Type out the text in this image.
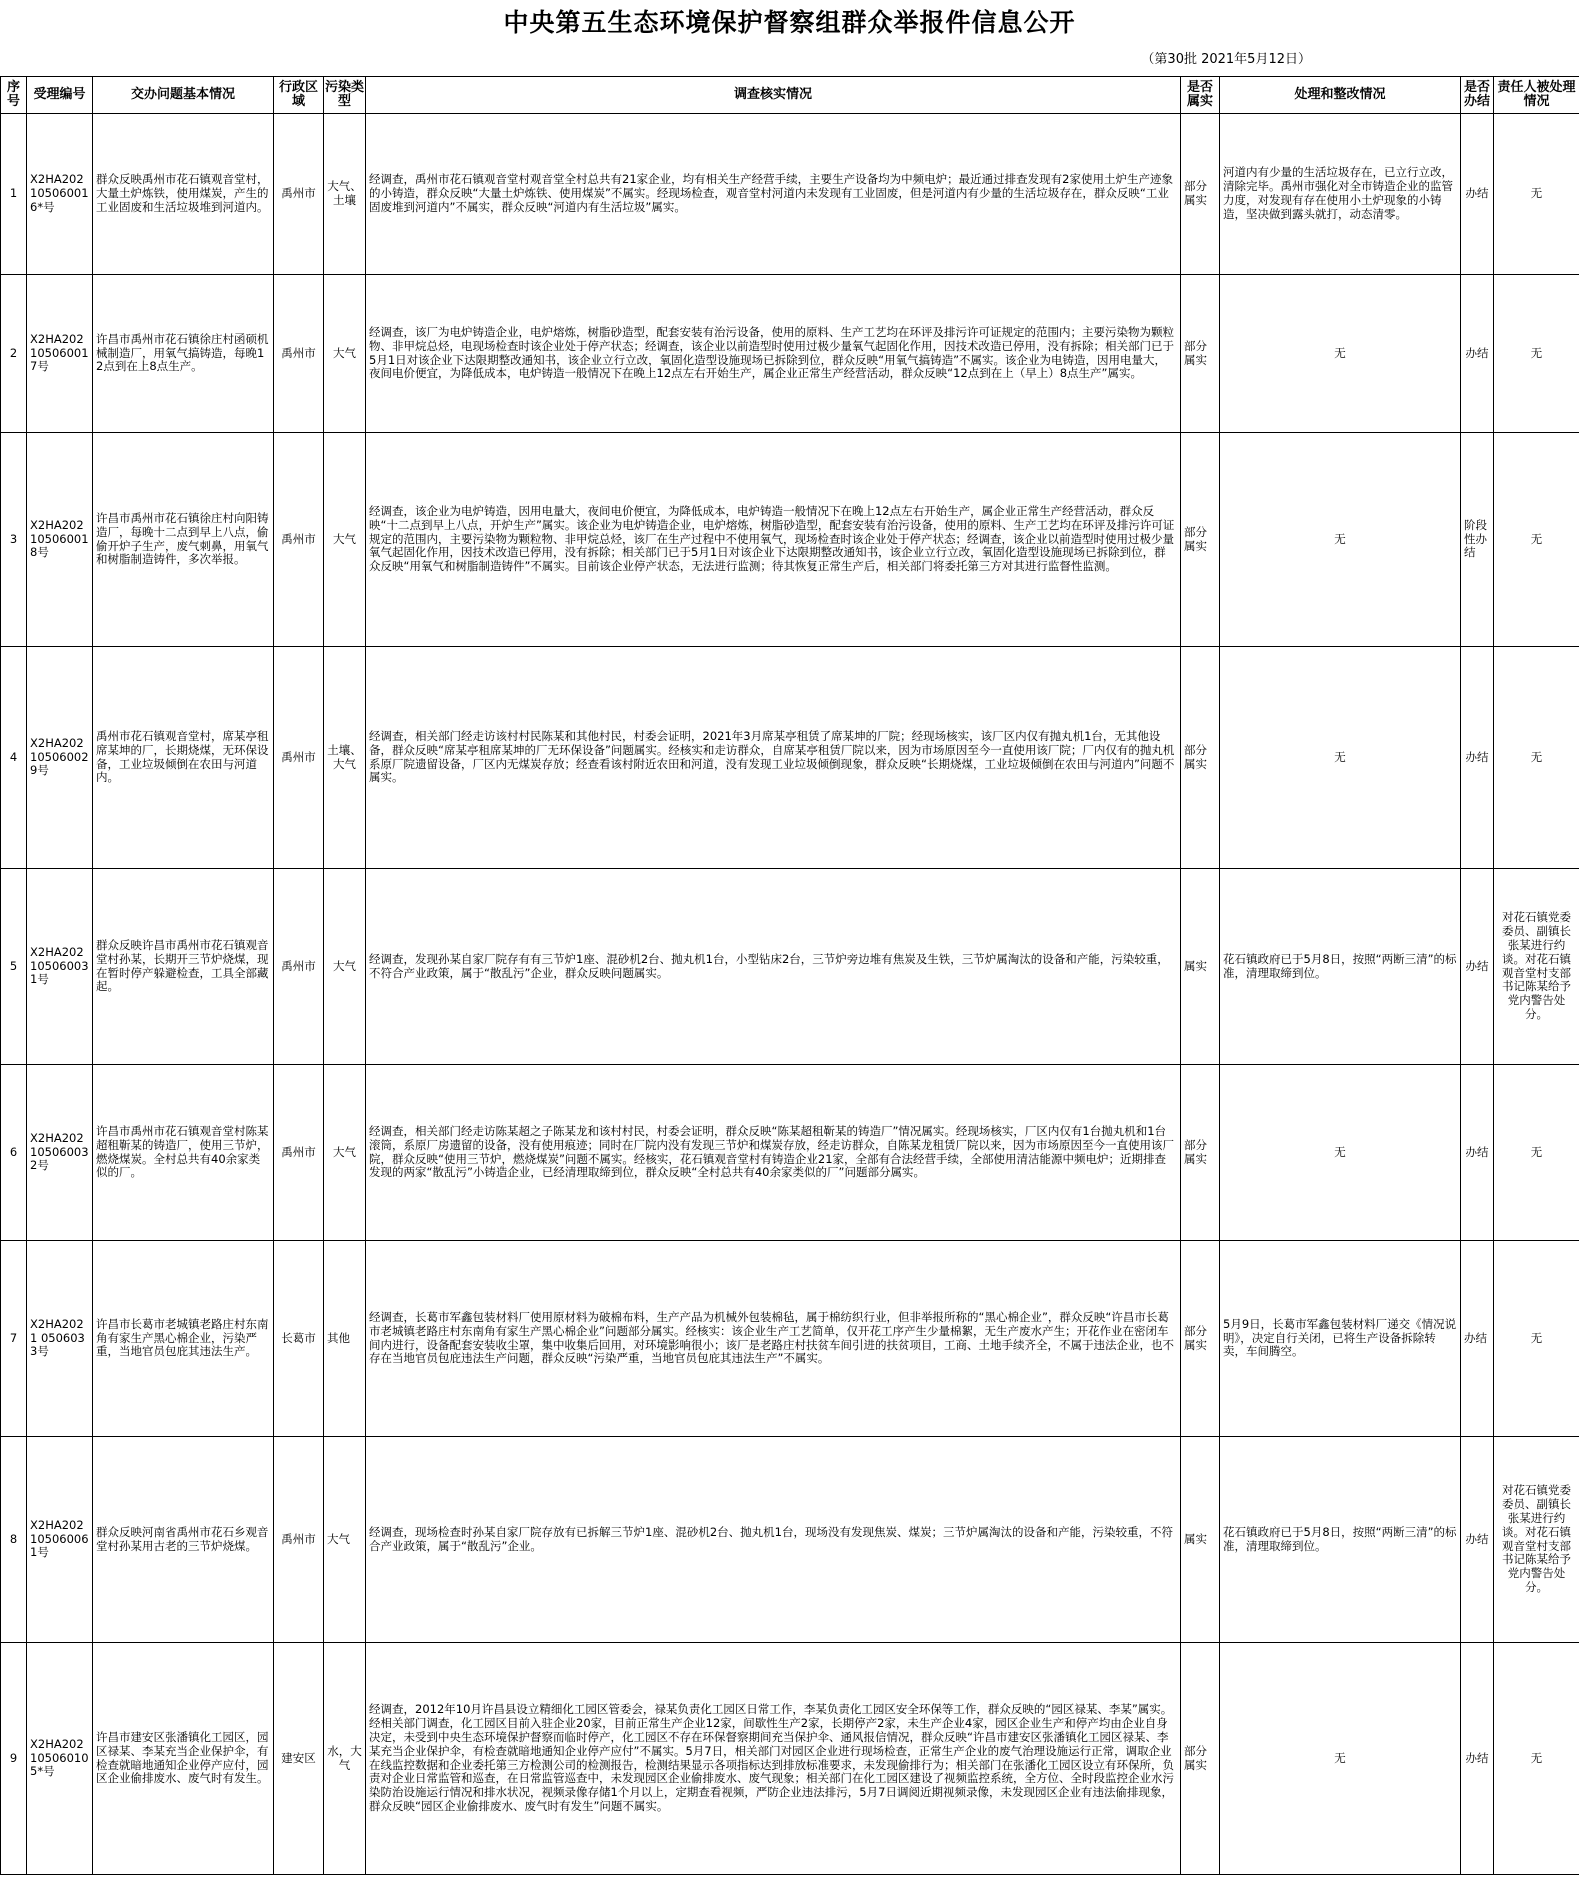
中央第五生态环境保护督察组群众举报件信息公开
（第30批 2021年5月12日）
序号	受理编号	交办问题基本情况	行政区域	污染类型	调查核实情况	是否属实	处理和整改情况	是否办结	责任人被处理情况
1	X2HA202105060016*号	群众反映禹州市花石镇观音堂村，大量土炉炼铁，使用煤炭，产生的工业固废和生活垃圾堆到河道内。	禹州市	大气、土壤	经调查，禹州市花石镇观音堂村观音堂全村总共有21家企业，均有相关生产经营手续，主要生产设备均为中频电炉；最近通过排查发现有2家使用土炉生产迹象的小铸造，群众反映“大量土炉炼铁、使用煤炭”不属实。经现场检查，观音堂村河道内未发现有工业固废，但是河道内有少量的生活垃圾存在，群众反映“工业固废堆到河道内”不属实，群众反映“河道内有生活垃圾”属实。	部分属实	河道内有少量的生活垃圾存在，已立行立改，清除完毕。禹州市强化对全市铸造企业的监管力度，对发现有存在使用小土炉现象的小铸造，坚决做到露头就打，动态清零。	办结	无
2	X2HA202105060017号	许昌市禹州市花石镇徐庄村函硕机械制造厂，用氧气搞铸造，每晚12点到在上8点生产。	禹州市	大气	经调查，该厂为电炉铸造企业，电炉熔炼，树脂砂造型，配套安装有治污设备，使用的原料、生产工艺均在环评及排污许可证规定的范围内；主要污染物为颗粒物、非甲烷总烃，电现场检查时该企业处于停产状态；经调查，该企业以前造型时使用过极少量氧气起固化作用，因技术改造已停用，没有拆除；相关部门已于5月1日对该企业下达限期整改通知书，该企业立行立改，氧固化造型设施现场已拆除到位，群众反映“用氧气搞铸造”不属实。该企业为电铸造，因用电量大，夜间电价便宜，为降低成本，电炉铸造一般情况下在晚上12点左右开始生产，属企业正常生产经营活动，群众反映“12点到在上（早上）8点生产”属实。	部分属实	无	办结	无
3	X2HA202105060018号	许昌市禹州市花石镇徐庄村向阳铸造厂，每晚十二点到早上八点，偷偷开炉子生产，废气刺鼻，用氧气和树脂制造铸件，多次举报。	禹州市	大气	经调查，该企业为电炉铸造，因用电量大，夜间电价便宜，为降低成本，电炉铸造一般情况下在晚上12点左右开始生产，属企业正常生产经营活动，群众反映“十二点到早上八点，开炉生产”属实。该企业为电炉铸造企业，电炉熔炼，树脂砂造型，配套安装有治污设备，使用的原料、生产工艺均在环评及排污许可证规定的范围内，主要污染物为颗粒物、非甲烷总烃，该厂在生产过程中不使用氧气，现场检查时该企业处于停产状态；经调查，该企业以前造型时使用过极少量氧气起固化作用，因技术改造已停用，没有拆除；相关部门已于5月1日对该企业下达限期整改通知书，该企业立行立改，氧固化造型设施现场已拆除到位，群众反映“用氧气和树脂制造铸件”不属实。目前该企业停产状态，无法进行监测；待其恢复正常生产后，相关部门将委托第三方对其进行监督性监测。	部分属实	无	阶段性办结	无
4	X2HA202105060029号	禹州市花石镇观音堂村，席某亭租席某坤的厂，长期烧煤，无环保设备，工业垃圾倾倒在农田与河道内。	禹州市	土壤、大气	经调查，相关部门经走访该村村民陈某和其他村民，村委会证明，2021年3月席某亭租赁了席某坤的厂院；经现场核实，该厂区内仅有抛丸机1台，无其他设备，群众反映“席某亭租席某坤的厂无环保设备”问题属实。经核实和走访群众，自席某亭租赁厂院以来，因为市场原因至今一直使用该厂院；厂内仅有的抛丸机系原厂院遗留设备，厂区内无煤炭存放；经查看该村附近农田和河道，没有发现工业垃圾倾倒现象，群众反映“长期烧煤，工业垃圾倾倒在农田与河道内”问题不属实。	部分属实	无	办结	无
5	X2HA202105060031号	群众反映许昌市禹州市花石镇观音堂村孙某，长期开三节炉烧煤，现在暂时停产躲避检查，工具全部藏起。	禹州市	大气	经调查，发现孙某自家厂院存有有三节炉1座、混砂机2台、抛丸机1台，小型钻床2台，三节炉旁边堆有焦炭及生铁，三节炉属淘汰的设备和产能，污染较重，不符合产业政策，属于“散乱污”企业，群众反映问题属实。	属实	花石镇政府已于5月8日，按照“两断三清”的标准，清理取缔到位。	办结	对花石镇党委委员、副镇长张某进行约谈。对花石镇观音堂村支部书记陈某给予党内警告处分。
6	X2HA202105060032号	许昌市禹州市花石镇观音堂村陈某超租靳某的铸造厂，使用三节炉，燃烧煤炭。全村总共有40余家类似的厂。	禹州市	大气	经调查，相关部门经走访陈某超之子陈某龙和该村村民，村委会证明，群众反映“陈某超租靳某的铸造厂”情况属实。经现场核实，厂区内仅有1台抛丸机和1台滚筒，系原厂房遗留的设备，没有使用痕迹；同时在厂院内没有发现三节炉和煤炭存放，经走访群众，自陈某龙租赁厂院以来，因为市场原因至今一直使用该厂院，群众反映“使用三节炉，燃烧煤炭”问题不属实。经核实，花石镇观音堂村有铸造企业21家，全部有合法经营手续，全部使用清洁能源中频电炉；近期排查发现的两家“散乱污”小铸造企业，已经清理取缔到位，群众反映“全村总共有40余家类似的厂”问题部分属实。	部分属实	无	办结	无
7	X2HA2021 0506033号	许昌市长葛市老城镇老路庄村东南角有家生产黑心棉企业，污染严重，当地官员包庇其违法生产。	长葛市	其他	经调查，长葛市军鑫包装材料厂使用原材料为破棉布料，生产产品为机械外包装棉毡，属于棉纺织行业，但非举报所称的“黑心棉企业”，群众反映“许昌市长葛市老城镇老路庄村东南角有家生产黑心棉企业”问题部分属实。经核实：该企业生产工艺简单，仅开花工序产生少量棉絮，无生产废水产生；开花作业在密闭车间内进行，设备配套安装收尘罩，集中收集后回用，对环境影响很小；该厂是老路庄村扶贫车间引进的扶贫项目，工商、土地手续齐全，不属于违法企业，也不存在当地官员包庇违法生产问题，群众反映“污染严重，当地官员包庇其违法生产”不属实。	部分属实	5月9日，长葛市军鑫包装材料厂递交《情况说明》，决定自行关闭，已将生产设备拆除转卖，车间腾空。	办结	无
8	X2HA202105060061号	群众反映河南省禹州市花石乡观音堂村孙某用古老的三节炉烧煤。	禹州市	大气	经调查，现场检查时孙某自家厂院存放有已拆解三节炉1座、混砂机2台、抛丸机1台，现场没有发现焦炭、煤炭；三节炉属淘汰的设备和产能，污染较重，不符合产业政策，属于“散乱污”企业。	属实	花石镇政府已于5月8日，按照“两断三清”的标准，清理取缔到位。	办结	对花石镇党委委员、副镇长张某进行约谈。对花石镇观音堂村支部书记陈某给予党内警告处分。
9	X2HA202105060105*号	许昌市建安区张潘镇化工园区，园区禄某、李某充当企业保护伞，有检查就暗地通知企业停产应付，园区企业偷排废水、废气时有发生。	建安区	水，大气	经调查，2012年10月许昌县设立精细化工园区管委会，禄某负责化工园区日常工作，李某负责化工园区安全环保等工作，群众反映的“园区禄某、李某”属实。经相关部门调查，化工园区目前入驻企业20家，目前正常生产企业12家，间歇性生产2家，长期停产2家，未生产企业4家，园区企业生产和停产均由企业自身决定，未受到中央生态环境保护督察而临时停产，化工园区不存在环保督察期间充当保护伞、通风报信情况，群众反映“许昌市建安区张潘镇化工园区禄某、李某充当企业保护伞，有检查就暗地通知企业停产应付”不属实。5月7日，相关部门对园区企业进行现场检查，正常生产企业的废气治理设施运行正常，调取企业在线监控数据和企业委托第三方检测公司的检测报告，检测结果显示各项指标达到排放标准要求，未发现偷排行为；相关部门在张潘化工园区设立有环保所，负责对企业日常监管和巡查，在日常监管巡查中，未发现园区企业偷排废水、废气现象；相关部门在化工园区建设了视频监控系统，全方位、全时段监控企业水污染防治设施运行情况和排水状况，视频录像存储1个月以上，定期查看视频，严防企业违法排污，5月7日调阅近期视频录像，未发现园区企业有违法偷排现象，群众反映“园区企业偷排废水、废气时有发生”问题不属实。	部分属实	无	办结	无
